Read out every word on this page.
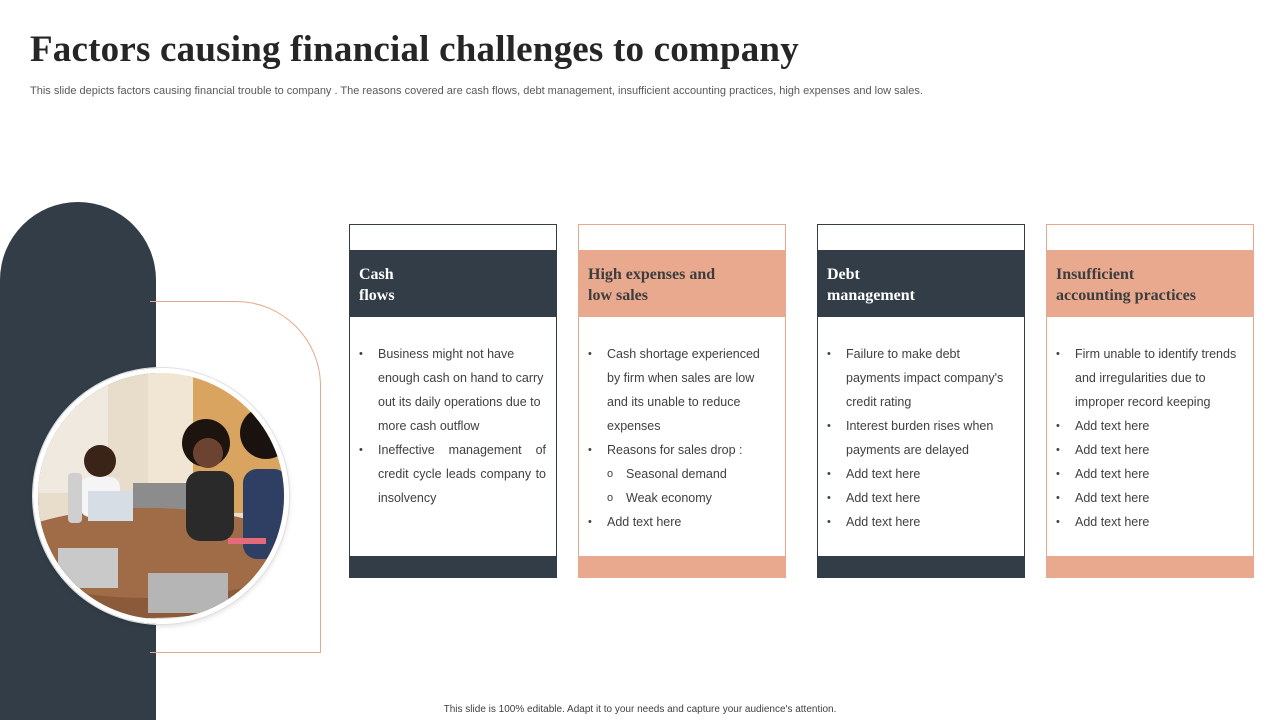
Factors causing financial challenges to company

This slide depicts factors causing financial trouble to company . The reasons covered are cash flows, debt management, insufficient accounting practices, high expenses and low sales.

Cash
flows
• Business might not have enough cash on hand to carry out its daily operations due to more cash outflow
• Ineffective management of credit cycle leads company to insolvency
High expenses and
low sales
• Cash shortage experienced by firm when sales are low and its unable to reduce expenses
• Reasons for sales drop :
o Seasonal demand
o Weak economy
• Add text here
Debt
management
• Failure to make debt payments impact company's credit rating
• Interest burden rises when payments are delayed
• Add text here
• Add text here
• Add text here
Insufficient
accounting practices
• Firm unable to identify trends and irregularities due to improper record keeping
• Add text here
• Add text here
• Add text here
• Add text here
• Add text here

This slide is 100% editable. Adapt it to your needs and capture your audience's attention.
